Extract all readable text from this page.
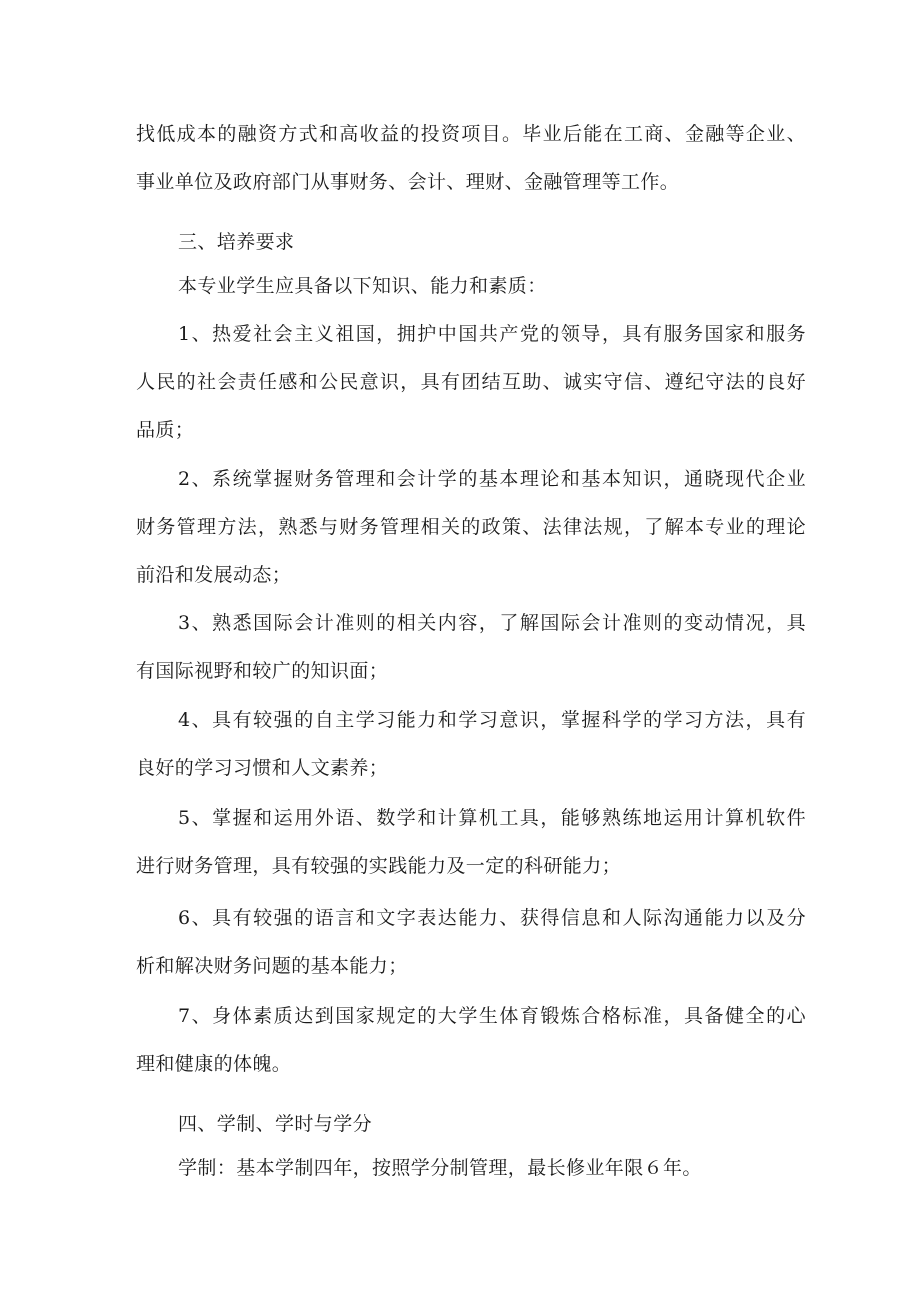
找低成本的融资方式和高收益的投资项目。毕业后能在工商、金融等企业、
事业单位及政府部门从事财务、会计、理财、金融管理等工作。
三、培养要求
本专业学生应具备以下知识、能力和素质：
1、热爱社会主义祖国，拥护中国共产党的领导，具有服务国家和服务
人民的社会责任感和公民意识，具有团结互助、诚实守信、遵纪守法的良好
品质；
2、系统掌握财务管理和会计学的基本理论和基本知识，通晓现代企业
财务管理方法，熟悉与财务管理相关的政策、法律法规，了解本专业的理论
前沿和发展动态；
3、熟悉国际会计准则的相关内容，了解国际会计准则的变动情况，具
有国际视野和较广的知识面；
4、具有较强的自主学习能力和学习意识，掌握科学的学习方法，具有
良好的学习习惯和人文素养；
5、掌握和运用外语、数学和计算机工具，能够熟练地运用计算机软件
进行财务管理，具有较强的实践能力及一定的科研能力；
6、具有较强的语言和文字表达能力、获得信息和人际沟通能力以及分
析和解决财务问题的基本能力；
7、身体素质达到国家规定的大学生体育锻炼合格标准，具备健全的心
理和健康的体魄。
四、学制、学时与学分
学制：基本学制四年，按照学分制管理，最长修业年限６年。
